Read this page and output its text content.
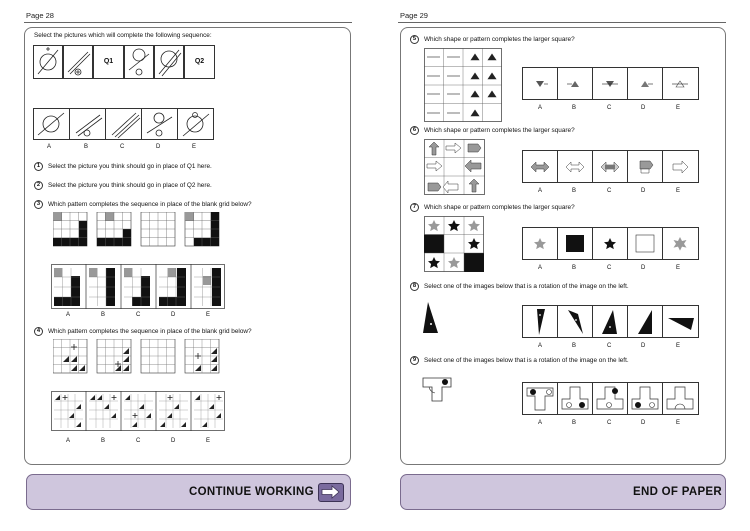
Page 28
Select the pictures which will complete the following sequence:
Q1	Q2
A	B	C	D	E
1	Select the picture you think should go in place of Q1 here.
2	Select the picture you think should go in place of Q2 here.
3	Which pattern completes the sequence in place of the blank grid below?
A	B	C	D	E
4	Which pattern completes the sequence in place of the blank grid below?
A	B	C	D	E
CONTINUE WORKING
Page 29
5	Which shape or pattern completes the larger square?
A	B	C	D	E
6	Which shape or pattern completes the larger square?
A	B	C	D	E
7	Which shape or pattern completes the larger square?
A	B	C	D	E
8	Select one of the images below that is a rotation of the image on the left.
A	B	C	D	E
9	Select one of the images below that is a rotation of the image on the left.
A	B	C	D	E
END OF PAPER
